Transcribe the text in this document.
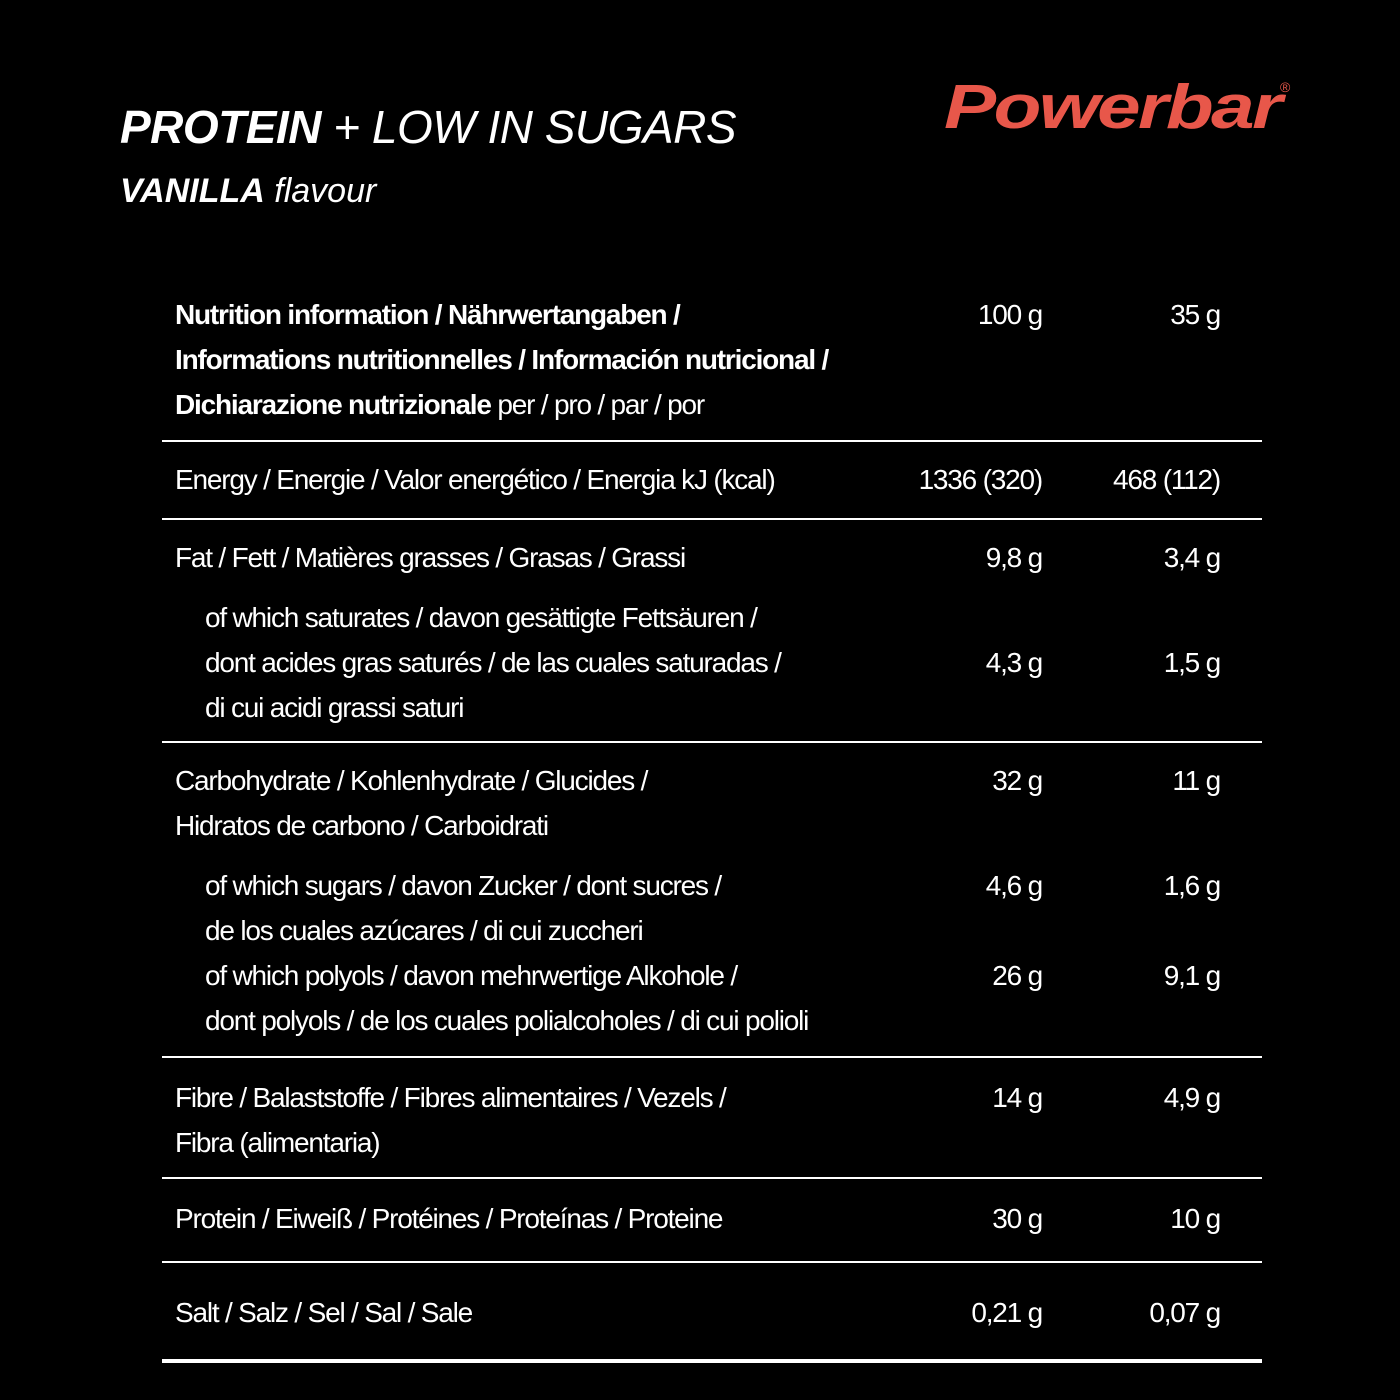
PROTEIN + LOW IN SUGARS

VANILLA flavour

Powerbar
®
Nutrition information / Nährwertangaben /	100 g	35 g
Informations nutritionnelles / Información nutricional /
Dichiarazione nutrizionale per / pro / par / por
Energy / Energie / Valor energético / Energia kJ (kcal)	1336 (320)	468 (112)
Fat / Fett / Matières grasses / Grasas / Grassi	9,8 g	3,4 g
of which saturates / davon gesättigte Fettsäuren /
dont acides gras saturés / de las cuales saturadas /	4,3 g	1,5 g
di cui acidi grassi saturi
Carbohydrate / Kohlenhydrate / Glucides /	32 g	11 g
Hidratos de carbono / Carboidrati
of which sugars / davon Zucker / dont sucres /	4,6 g	1,6 g
de los cuales azúcares / di cui zuccheri
of which polyols / davon mehrwertige Alkohole /	26 g	9,1 g
dont polyols / de los cuales polialcoholes / di cui polioli
Fibre / Balaststoffe / Fibres alimentaires / Vezels /	14 g	4,9 g
Fibra (alimentaria)
Protein / Eiweiß / Protéines / Proteínas / Proteine	30 g	10 g
Salt / Salz / Sel / Sal / Sale	0,21 g	0,07 g
